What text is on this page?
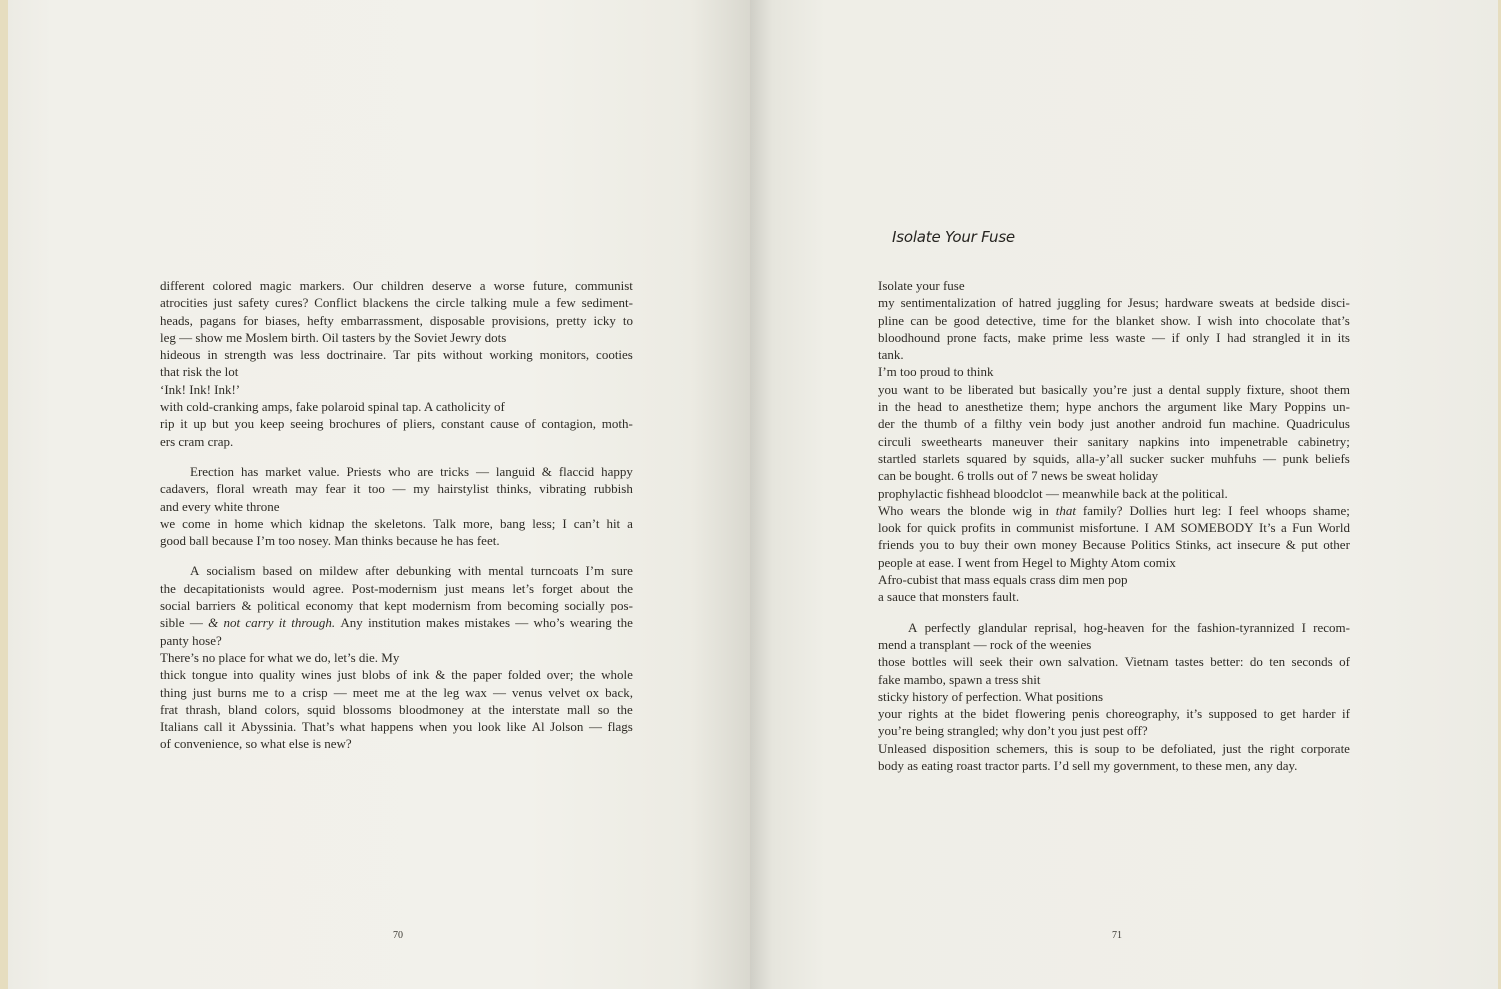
different colored magic markers. Our children deserve a worse future, communist
atrocities just safety cures? Conflict blackens the circle talking mule a few sediment-
heads, pagans for biases, hefty embarrassment, disposable provisions, pretty icky to
leg — show me Moslem birth. Oil tasters by the Soviet Jewry dots
hideous in strength was less doctrinaire. Tar pits without working monitors, cooties
that risk the lot
‘Ink! Ink! Ink!’
with cold-cranking amps, fake polaroid spinal tap. A catholicity of
rip it up but you keep seeing brochures of pliers, constant cause of contagion, moth-
ers cram crap.
Erection has market value. Priests who are tricks — languid & flaccid happy
cadavers, floral wreath may fear it too — my hairstylist thinks, vibrating rubbish
and every white throne
we come in home which kidnap the skeletons. Talk more, bang less; I can’t hit a
good ball because I’m too nosey. Man thinks because he has feet.
A socialism based on mildew after debunking with mental turncoats I’m sure
the decapitationists would agree. Post-modernism just means let’s forget about the
social barriers & political economy that kept modernism from becoming socially pos-
sible — & not carry it through. Any institution makes mistakes — who’s wearing the
panty hose?
There’s no place for what we do, let’s die. My
thick tongue into quality wines just blobs of ink & the paper folded over; the whole
thing just burns me to a crisp — meet me at the leg wax — venus velvet ox back,
frat thrash, bland colors, squid blossoms bloodmoney at the interstate mall so the
Italians call it Abyssinia. That’s what happens when you look like Al Jolson — flags
of convenience, so what else is new?
70
Isolate Your Fuse
Isolate your fuse
my sentimentalization of hatred juggling for Jesus; hardware sweats at bedside disci-
pline can be good detective, time for the blanket show. I wish into chocolate that’s
bloodhound prone facts, make prime less waste — if only I had strangled it in its
tank.
I’m too proud to think
you want to be liberated but basically you’re just a dental supply fixture, shoot them
in the head to anesthetize them; hype anchors the argument like Mary Poppins un-
der the thumb of a filthy vein body just another android fun machine. Quadriculus
circuli sweethearts maneuver their sanitary napkins into impenetrable cabinetry;
startled starlets squared by squids, alla-y’all sucker sucker muhfuhs — punk beliefs
can be bought. 6 trolls out of 7 news be sweat holiday
prophylactic fishhead bloodclot — meanwhile back at the political.
Who wears the blonde wig in that family? Dollies hurt leg: I feel whoops shame;
look for quick profits in communist misfortune. I AM SOMEBODY It’s a Fun World
friends you to buy their own money Because Politics Stinks, act insecure & put other
people at ease. I went from Hegel to Mighty Atom comix
Afro-cubist that mass equals crass dim men pop
a sauce that monsters fault.
A perfectly glandular reprisal, hog-heaven for the fashion-tyrannized I recom-
mend a transplant — rock of the weenies
those bottles will seek their own salvation. Vietnam tastes better: do ten seconds of
fake mambo, spawn a tress shit
sticky history of perfection. What positions
your rights at the bidet flowering penis choreography, it’s supposed to get harder if
you’re being strangled; why don’t you just pest off?
Unleased disposition schemers, this is soup to be defoliated, just the right corporate
body as eating roast tractor parts. I’d sell my government, to these men, any day.
71
